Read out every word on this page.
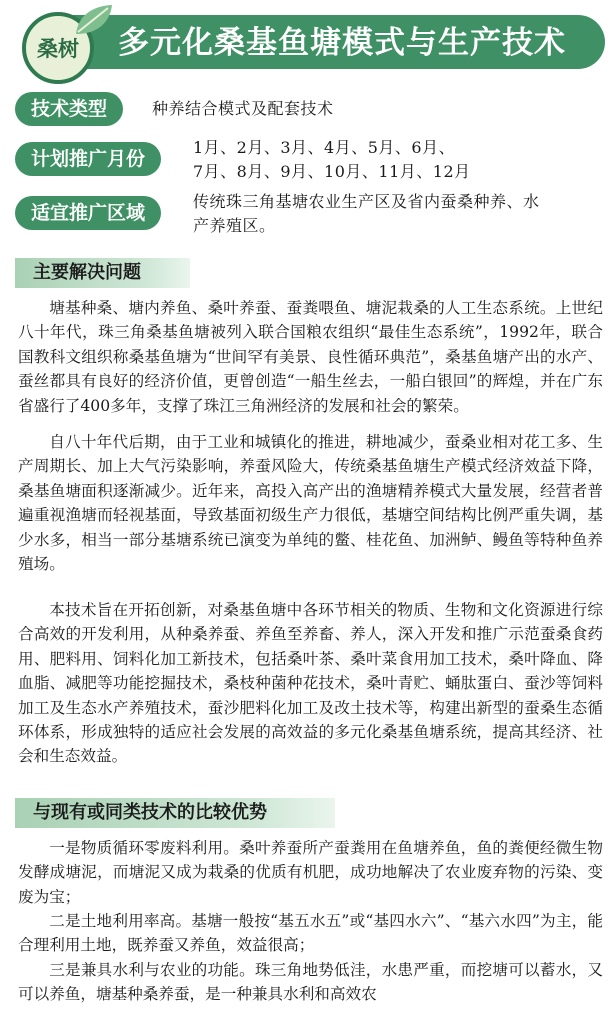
多元化桑基鱼塘模式与生产技术
桑树
技术类型	种养结合模式及配套技术
计划推广月份
1月、2月、3月、4月、5月、6月、
7月、8月、9月、10月、11月、12月
适宜推广区域
传统珠三角基塘农业生产区及省内蚕桑种养、水
产养殖区。
主要解决问题
塘基种桑、塘内养鱼、桑叶养蚕、蚕粪喂鱼、塘泥栽桑的人工生态系统。上世纪八十年代，珠三角桑基鱼塘被列入联合国粮农组织“最佳生态系统”，1992年，联合国教科文组织称桑基鱼塘为“世间罕有美景、良性循环典范”，桑基鱼塘产出的水产、蚕丝都具有良好的经济价值，更曾创造“一船生丝去，一船白银回”的辉煌，并在广东省盛行了400多年，支撑了珠江三角洲经济的发展和社会的繁荣。
自八十年代后期，由于工业和城镇化的推进，耕地减少，蚕桑业相对花工多、生产周期长、加上大气污染影响，养蚕风险大，传统桑基鱼塘生产模式经济效益下降，桑基鱼塘面积逐渐减少。近年来，高投入高产出的渔塘精养模式大量发展，经营者普遍重视渔塘而轻视基面，导致基面初级生产力很低，基塘空间结构比例严重失调，基少水多，相当一部分基塘系统已演变为单纯的鳖、桂花鱼、加洲鲈、鳗鱼等特种鱼养殖场。
本技术旨在开拓创新，对桑基鱼塘中各环节相关的物质、生物和文化资源进行综合高效的开发利用，从种桑养蚕、养鱼至养畜、养人，深入开发和推广示范蚕桑食药用、肥料用、饲料化加工新技术，包括桑叶茶、桑叶菜食用加工技术，桑叶降血、降血脂、减肥等功能挖掘技术，桑枝种菌种花技术，桑叶青贮、蛹肽蛋白、蚕沙等饲料加工及生态水产养殖技术，蚕沙肥料化加工及改土技术等，构建出新型的蚕桑生态循环体系，形成独特的适应社会发展的高效益的多元化桑基鱼塘系统，提高其经济、社会和生态效益。
与现有或同类技术的比较优势
一是物质循环零废料利用。桑叶养蚕所产蚕粪用在鱼塘养鱼，鱼的粪便经微生物发酵成塘泥，而塘泥又成为栽桑的优质有机肥，成功地解决了农业废弃物的污染、变废为宝；
二是土地利用率高。基塘一般按“基五水五”或“基四水六”、“基六水四”为主，能合理利用土地，既养蚕又养鱼，效益很高；
三是兼具水利与农业的功能。珠三角地势低洼，水患严重，而挖塘可以蓄水，又可以养鱼，塘基种桑养蚕，是一种兼具水利和高效农
